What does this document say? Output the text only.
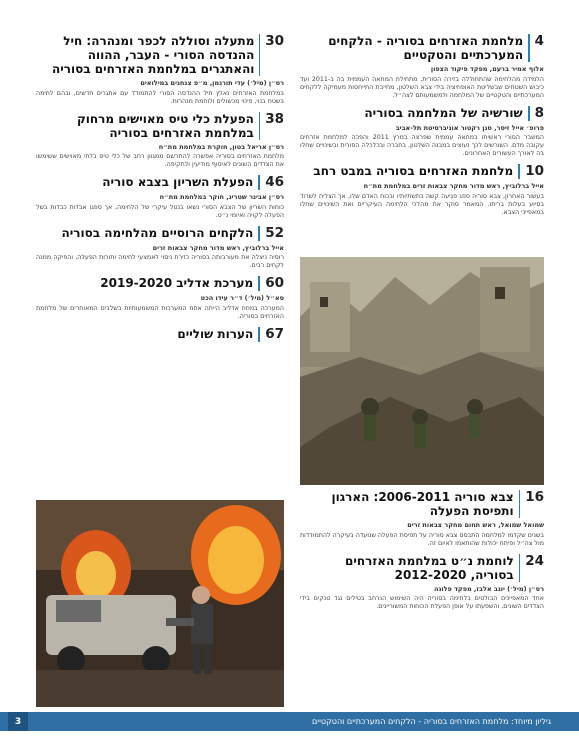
4
מלחמת האזרחים בסוריה - הלקחים המערכתיים והטקטיים
אלוף אמיר ברעם, מפקד פיקוד הצפון
הלמידה מהלחימה שהתחוללה בזירה הסורית, מתחילת המחאה העממית בה ב-2011 ועד כיבוש השטחים שבשליטת האופוזיציה בידי צבא השלטון, מחייבת התייחסות מעמיקה ללקחים המערכתיים והטקטיים של המלחמה ולמשמעותם לצה״ל.
8
שורשיה של המלחמה בסוריה
פרופ׳ אייל זיסר, סגן רקטור אוניברסיטת תל-אביב
המשבר הסורי ראשיתו במחאה עממית שפרצה במרץ 2011 והפכה למלחמת אזרחים עקובה מדם. השורשים לכך נעוצים במבנה השלטון, בחברה ובכלכלה הסורית ובשינויים שחלו בה לאורך העשורים האחרונים.
10
מלחמת האזרחים בסוריה במבט רחב
אייל ברלוביץ, ראש מדור מחקר צבאות זרים במלחמת מת״ח
בעשור האחרון, צבא סוריה ספג פגיעה קשה בתשתיותיו ובכוח האדם שלו, אך הצליח לשרוד בסיוע בעלות בריתו. המאמר סוקר את מהלכי הלחימה העיקריים ואת השינויים שחלו במאפייני הצבא.
16
צבא סוריה 2006-2011: הארגון ותפיסת הפעלה
שמואל שמואל, ראש תחום מחקר צבאות זרים
בשנים שקדמו למלחמה התבסס צבא סוריה על תפיסת הפעלה שנועדה בעיקרה להתמודדות מול צה״ל ופיתח יכולות שהותאמו לאיום זה.
24
לוחמת נ״ט במלחמת האזרחים בסוריה, 2012-2020
רס״ן (מיל׳) יוגב אלבז, מפקד פלוגה
אחד המאפיינים הבולטים בלחימה בסוריה היה השימוש הנרחב בטילים נגד טנקים בידי הצדדים השונים, והשפעתו על אופן הפעלת הכוחות המשוריינים.
30
מתעלה וסוללה לכפר ומנהרה: חיל ההנדסה הסורי - העבר, ההווה והאתגרים במלחמת האזרחים בסוריה
רס״ן (מיל׳) עדי תורגמן, מ״פ צנחנים במילואים
במלחמת האזרחים נאלץ חיל ההנדסה הסורי להתמודד עם אתגרים חדשים, ובהם לחימה בשטח בנוי, פינוי מכשולים ולוחמת מנהרות.
38
הפעלת כלי טיס מאוישים מרחוק במלחמת האזרחים בסוריה
רס״ן אריאל בטון, חוקרת במלחמת מת״ח
מלחמת האזרחים בסוריה אפשרה להתרשם ממגוון רחב של כלי טיס בלתי מאוישים ששימשו את הצדדים השונים לאיסוף מודיעין ולתקיפה.
46
הפעלת השריון בצבא סוריה
רס״ן אבינר שטריג, חוקר במלחמת מת״ח
כוחות השריון של הצבא הסורי נשאו בנטל עיקרי של הלחימה, אך ספגו אבדות כבדות בשל הפעלה לקויה ואיומי נ״ט.
52
הלקחים הרוסיים מהלחימה בסוריה
אייל ברלוביץ, ראש מדור מחקר צבאות זרים
רוסיה ניצלה את מעורבותה בסוריה כזירת ניסוי לאמצעי לחימה ותורות הפעלה, והפיקה ממנה לקחים רבים.
60
מערכת אדליב 2019-2020
סא״ל (מיל׳) ד״ר עידו הכט
המערכה במחוז אדליב הייתה אחת המערכות המשמעותיות בשלבים המאוחרים של מלחמת האזרחים בסוריה.
67
הערות שוליים
גיליון מיוחד: מלחמת האזרחים בסוריה - הלקחים המערכתיים והטקטיים
3
